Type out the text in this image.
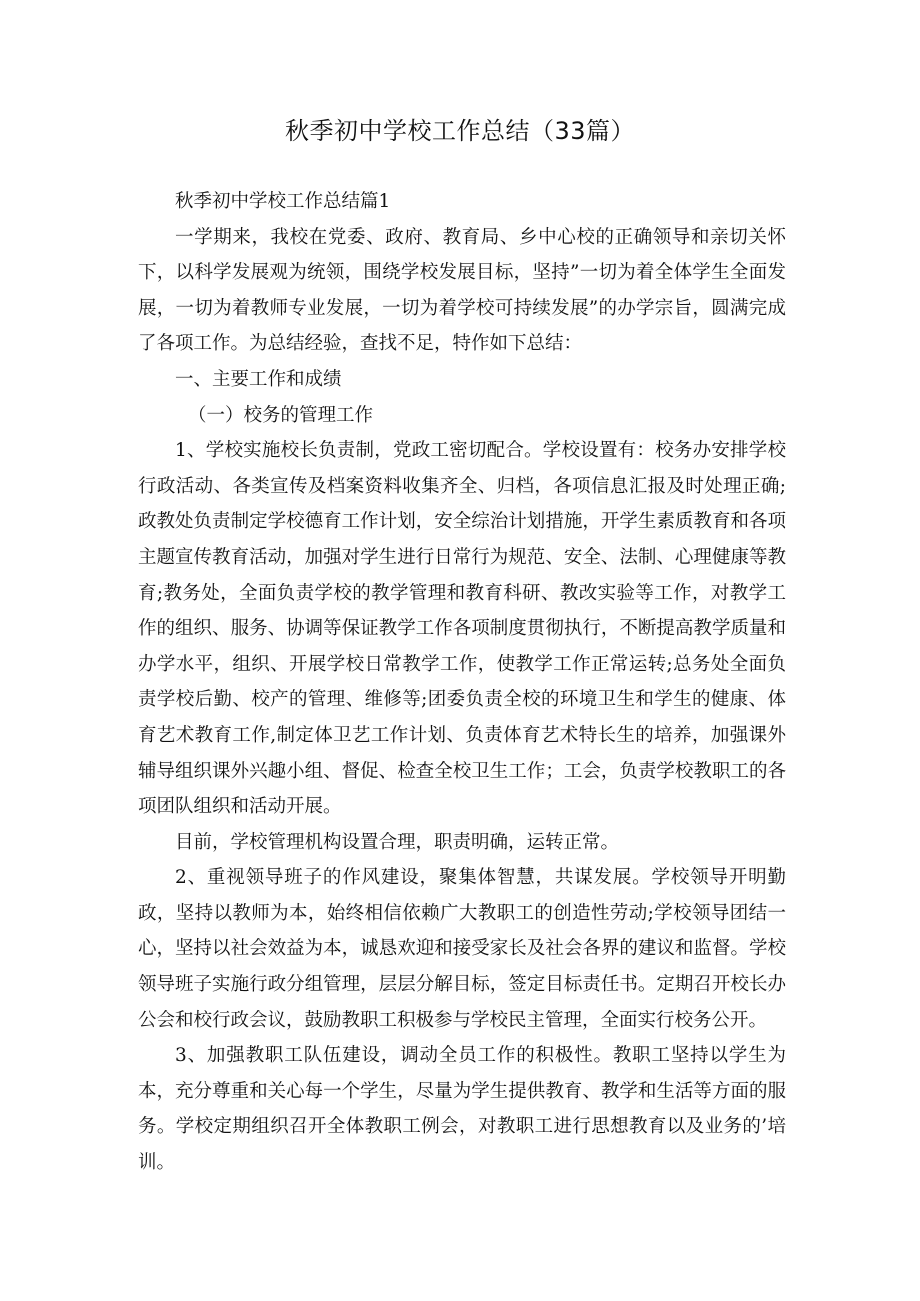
秋季初中学校工作总结（33篇）

秋季初中学校工作总结篇1

一学期来，我校在党委、政府、教育局、乡中心校的正确领导和亲切关怀下，以科学发展观为统领，围绕学校发展目标，坚持”一切为着全体学生全面发展，一切为着教师专业发展，一切为着学校可持续发展”的办学宗旨，圆满完成了各项工作。为总结经验，查找不足，特作如下总结：

一、主要工作和成绩

（一）校务的管理工作

1、学校实施校长负责制，党政工密切配合。学校设置有：校务办安排学校行政活动、各类宣传及档案资料收集齐全、归档，各项信息汇报及时处理正确;政教处负责制定学校德育工作计划，安全综治计划措施，开学生素质教育和各项主题宣传教育活动，加强对学生进行日常行为规范、安全、法制、心理健康等教育;教务处，全面负责学校的教学管理和教育科研、教改实验等工作，对教学工作的组织、服务、协调等保证教学工作各项制度贯彻执行，不断提高教学质量和办学水平，组织、开展学校日常教学工作，使教学工作正常运转;总务处全面负责学校后勤、校产的管理、维修等;团委负责全校的环境卫生和学生的健康、体育艺术教育工作,制定体卫艺工作计划、负责体育艺术特长生的培养，加强课外辅导组织课外兴趣小组、督促、检查全校卫生工作；工会，负责学校教职工的各项团队组织和活动开展。

目前，学校管理机构设置合理，职责明确，运转正常。

2、重视领导班子的作风建设，聚集体智慧，共谋发展。学校领导开明勤政，坚持以教师为本，始终相信依赖广大教职工的创造性劳动;学校领导团结一心，坚持以社会效益为本，诚恳欢迎和接受家长及社会各界的建议和监督。学校领导班子实施行政分组管理，层层分解目标，签定目标责任书。定期召开校长办公会和校行政会议，鼓励教职工积极参与学校民主管理，全面实行校务公开。

3、加强教职工队伍建设，调动全员工作的积极性。教职工坚持以学生为本，充分尊重和关心每一个学生，尽量为学生提供教育、教学和生活等方面的服务。学校定期组织召开全体教职工例会，对教职工进行思想教育以及业务的’培训。
